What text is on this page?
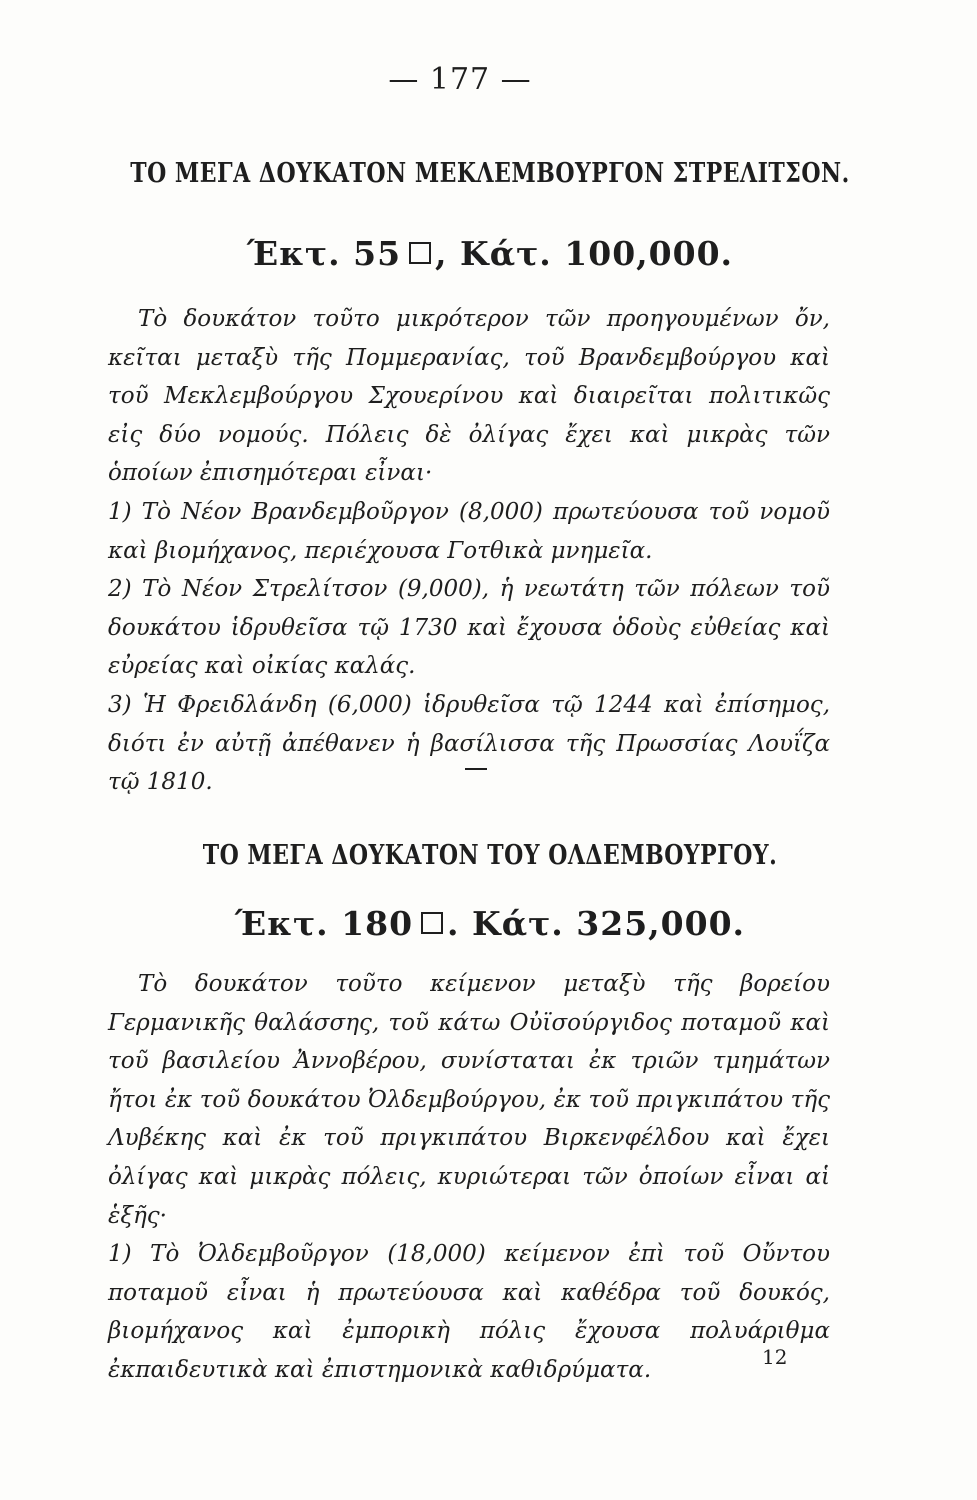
— 177 —
ΤΟ ΜΕΓΑ ΔΟΥΚΑΤΟΝ ΜΕΚΛΕΜΒΟΥΡΓΟΝ ΣΤΡΕΛΙΤΣΟΝ.
Έκτ. 55 , Κάτ. 100,000.

Τὸ δουκάτον τοῦτο μικρότερον τῶν προηγουμένων ὄν, κεῖται μεταξὺ τῆς Πομμερανίας, τοῦ Βρανδεμβούργου καὶ τοῦ Μεκλεμβούργου Σχουερίνου καὶ διαιρεῖται πολιτικῶς εἰς δύο νομούς. Πόλεις δὲ ὀλίγας ἔχει καὶ μικρὰς τῶν ὁποίων ἐπισημότεραι εἶναι·

1) Τὸ Νέον Βρανδεμβοῦργον (8,000) πρωτεύουσα τοῦ νομοῦ καὶ βιομήχανος, περιέχουσα Γοτθικὰ μνημεῖα.

2) Τὸ Νέον Στρελίτσον (9,000), ἡ νεωτάτη τῶν πόλεων τοῦ δουκάτου ἱδρυθεῖσα τῷ 1730 καὶ ἔχουσα ὁδοὺς εὐθείας καὶ εὐρείας καὶ οἰκίας καλάς.

3) Ἡ Φρειδλάνδη (6,000) ἱδρυθεῖσα τῷ 1244 καὶ ἐπίσημος, διότι ἐν αὐτῇ ἀπέθανεν ἡ βασίλισσα τῆς Πρωσσίας Λουΐζα τῷ 1810.

ΤΟ ΜΕΓΑ ΔΟΥΚΑΤΟΝ ΤΟΥ ΟΛΔΕΜΒΟΥΡΓΟΥ.
Έκτ. 180 . Κάτ. 325,000.

Τὸ δουκάτον τοῦτο κείμενον μεταξὺ τῆς βορείου Γερμανικῆς θαλάσσης, τοῦ κάτω Οὐϊσούργιδος ποταμοῦ καὶ τοῦ βασιλείου Ἀννοβέρου, συνίσταται ἐκ τριῶν τμημάτων ἤτοι ἐκ τοῦ δουκάτου Ὀλδεμβούργου, ἐκ τοῦ πριγκιπάτου τῆς Λυβέκης καὶ ἐκ τοῦ πριγκιπάτου Βιρκενφέλδου καὶ ἔχει ὀλίγας καὶ μικρὰς πόλεις, κυριώτεραι τῶν ὁποίων εἶναι αἱ ἑξῆς·

1) Τὸ Ὀλδεμβοῦργον (18,000) κείμενον ἐπὶ τοῦ Οὔντου ποταμοῦ εἶναι ἡ πρωτεύουσα καὶ καθέδρα τοῦ δουκός, βιομήχανος καὶ ἐμπορικὴ πόλις ἔχουσα πολυάριθμα ἐκπαιδευτικὰ καὶ ἐπιστημονικὰ καθιδρύματα.	12
